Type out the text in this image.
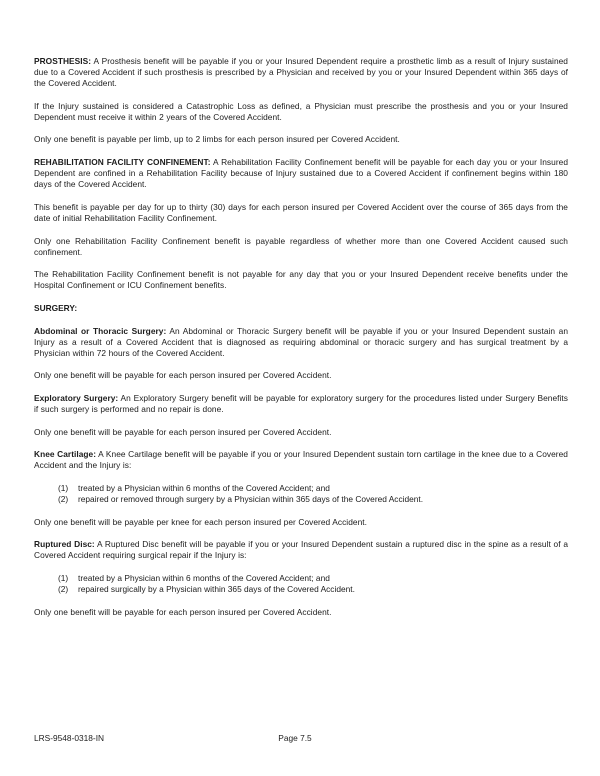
PROSTHESIS: A Prosthesis benefit will be payable if you or your Insured Dependent require a prosthetic limb as a result of Injury sustained due to a Covered Accident if such prosthesis is prescribed by a Physician and received by you or your Insured Dependent within 365 days of the Covered Accident.

If the Injury sustained is considered a Catastrophic Loss as defined, a Physician must prescribe the prosthesis and you or your Insured Dependent must receive it within 2 years of the Covered Accident.

Only one benefit is payable per limb, up to 2 limbs for each person insured per Covered Accident.

REHABILITATION FACILITY CONFINEMENT: A Rehabilitation Facility Confinement benefit will be payable for each day you or your Insured Dependent are confined in a Rehabilitation Facility because of Injury sustained due to a Covered Accident if confinement begins within 180 days of the Covered Accident.

This benefit is payable per day for up to thirty (30) days for each person insured per Covered Accident over the course of 365 days from the date of initial Rehabilitation Facility Confinement.

Only one Rehabilitation Facility Confinement benefit is payable regardless of whether more than one Covered Accident caused such confinement.

The Rehabilitation Facility Confinement benefit is not payable for any day that you or your Insured Dependent receive benefits under the Hospital Confinement or ICU Confinement benefits.

SURGERY:

Abdominal or Thoracic Surgery: An Abdominal or Thoracic Surgery benefit will be payable if you or your Insured Dependent sustain an Injury as a result of a Covered Accident that is diagnosed as requiring abdominal or thoracic surgery and has surgical treatment by a Physician within 72 hours of the Covered Accident.

Only one benefit will be payable for each person insured per Covered Accident.

Exploratory Surgery: An Exploratory Surgery benefit will be payable for exploratory surgery for the procedures listed under Surgery Benefits if such surgery is performed and no repair is done.

Only one benefit will be payable for each person insured per Covered Accident.

Knee Cartilage: A Knee Cartilage benefit will be payable if you or your Insured Dependent sustain torn cartilage in the knee due to a Covered Accident and the Injury is:

(1) treated by a Physician within 6 months of the Covered Accident; and
(2) repaired or removed through surgery by a Physician within 365 days of the Covered Accident.

Only one benefit will be payable per knee for each person insured per Covered Accident.

Ruptured Disc: A Ruptured Disc benefit will be payable if you or your Insured Dependent sustain a ruptured disc in the spine as a result of a Covered Accident requiring surgical repair if the Injury is:

(1) treated by a Physician within 6 months of the Covered Accident; and
(2) repaired surgically by a Physician within 365 days of the Covered Accident.

Only one benefit will be payable for each person insured per Covered Accident.

LRS-9548-0318-IN	Page 7.5
